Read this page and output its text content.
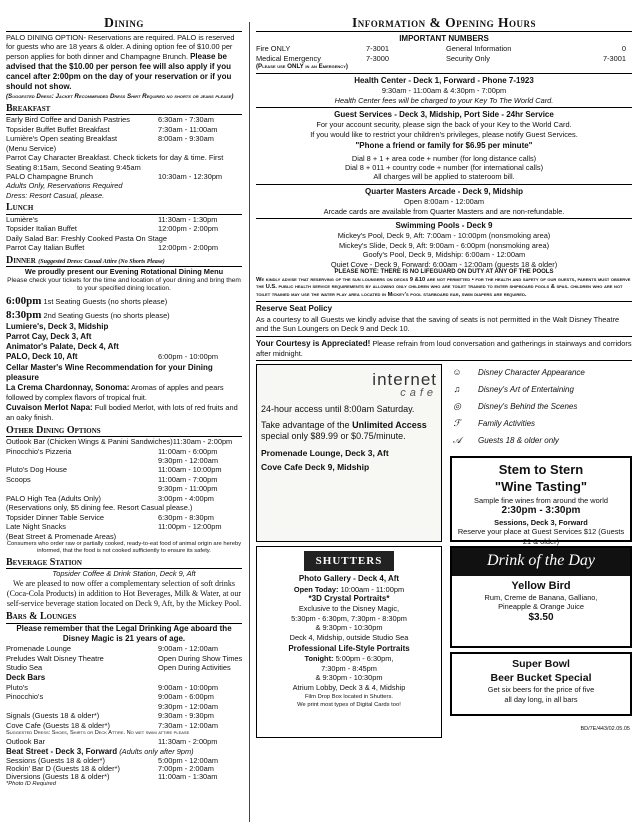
Dining
PALO DINING OPTION- Reservations are required. PALO is reserved for guests who are 18 years & older. A dining option fee of $10.00 per person applies for both dinner and Champagne Brunch. Please be advised that the $10.00 per person fee will also apply if you cancel after 2:00pm on the day of your reservation or if you should not show.
(Suggested Dress: Jacket Recommended Dress Shirt Required no shorts or jeans please)
Breakfast
Early Bird Coffee and Danish Pastries	6:30am - 7:30am
Topsider Buffet Buffet Breakfast	7:30am - 11:00am
Lumière's Open seating Breakfast	8:00am - 9:30am
(Menu Service)
Parrot Cay Character Breakfast. Check tickets for day & time. First Seating 8:15am, Second Seating 9:45am
PALO Champagne Brunch	10:30am - 12:30pm
Adults Only, Reservations Required
Dress: Resort Casual, please.
Lunch
Lumière's	11:30am - 1:30pm
Topsider Italian Buffet	12:00pm - 2:00pm
Daily Salad Bar: Freshly Cooked Pasta On Stage
Parrot Cay Italian Buffet	12:00pm - 2:00pm
Dinner (Suggested Dress: Casual Attire (No Shorts Please)
We proudly present our Evening Rotational Dining Menu
Please check your tickets for the time and location of your dining and bring them to your specified dining location.
6:00pm 1st Seating Guests (no shorts please)
8:30pm 2nd Seating Guests (no shorts please)
Lumiere's, Deck 3, Midship
Parrot Cay, Deck 3, Aft
Animator's Palate, Deck 4, Aft
PALO, Deck 10, Aft	6:00pm - 10:00pm
Cellar Master's Wine Recommendation for your Dining pleasure
La Crema Chardonnay, Sonoma: Aromas of apples and pears followed by complex flavors of tropical fruit.
Cuvaison Merlot Napa: Full bodied Merlot, with lots of red fruits and an oaky finish.
Other Dining Options
Outlook Bar (Chicken Wings & Panini Sandwiches) 11:30am - 2:00pm
Pinocchio's Pizzeria	11:00am - 6:00pm
9:30pm - 12:00am
Pluto's Dog House	11:00am - 10:00pm
Scoops	11:00am - 7:00pm
9:30pm - 11:00pm
PALO High Tea (Adults Only)	3:00pm - 4:00pm
(Reservations only, $5 dining fee. Resort Casual please.)
Topsider Dinner Table Service	6:30pm - 8:30pm
Late Night Snacks	11:00pm - 12:00pm
(Beat Street & Promenade Areas)
Consumers who order raw or partially cooked, ready-to-eat food of animal origin are hereby informed, that the food is not cooked sufficiently to ensure its safety.
Beverage Station
Topsider Coffee & Drink Station, Deck 9, Aft
We are pleased to now offer a complementary selection of soft drinks (Coca-Cola Products) in addition to Hot Beverages, Milk & Water, at our self-service beverage station located on Deck 9, Aft, by the Mickey Pool.
Bars & Lounges
Please remember that the Legal Drinking Age aboard the Disney Magic is 21 years of age.
Promenade Lounge	9:00am - 12:00am
Preludes Walt Disney Theatre	Open During Show Times
Studio Sea	Open During Activities
Deck Bars
Pluto's	9:00am - 10:00pm
Pinocchio's	9:00am - 6:00pm
9:30pm - 12:00am
Signals (Guests 18 & older*)	9:30am - 9:30pm
Cove Cafe (Guests 18 & older*)	7:30am - 12:00am
Suggested Dress: Shoes, Shirts or Deck Attire. No wet swim attire please
Outlook Bar	11:30am - 2:00pm
Beat Street - Deck 3, Forward (Adults only after 9pm)
Sessions (Guests 18 & older*)	5:00pm - 12:00am
Rockin' Bar D (Guests 18 & older*)	7:00pm - 2:00am
Diversions (Guests 18 & older*)	11:00am - 1:30am
*Photo ID Required
Information & Opening Hours
IMPORTANT NUMBERS
Fire ONLY	7-3001	General Information	0
Medical Emergency	7-3000	Security Only	7-3001
(Please use ONLY in an Emergency)
Health Center - Deck 1, Forward - Phone 7-1923
9:30am - 11:00am & 4:30pm - 7:00pm
Health Center fees will be charged to your Key To The World Card.
Guest Services - Deck 3, Midship, Port Side - 24hr Service
For your account security, please sign the back of your Key to the World Card.
If you would like to restrict your children's privileges, please notify Guest Services.
"Phone a friend or family for $6.95 per minute"
Dial 8 + 1 + area code + number (for long distance calls)
Dial 8 + 011 + country code + number (for international calls)
All charges will be applied to stateroom bill.
Quarter Masters Arcade - Deck 9, Midship
Open 8:00am - 12:00am
Arcade cards are available from Quarter Masters and are non-refundable.
Swimming Pools - Deck 9
Mickey's Pool, Deck 9, Aft: 7:00am - 10:00pm (nonsmoking area)
Mickey's Slide, Deck 9, Aft: 9:00am - 6:00pm (nonsmoking area)
Goofy's Pool, Deck 9, Midship: 6:00am - 12:00am
Quiet Cove - Deck 9, Forward: 6:00am - 12:00am (guests 18 & older)
PLEASE NOTE: THERE IS NO LIFEGUARD ON DUTY AT ANY OF THE POOLS
We kindly advise that reserving of the sun loungers on decks 9 &10 are not permitted • for the health and safety of our guests, parents must observe the U.S. public health service requirements by allowing only children who are toilet trained to enter shipboard pools & spas. children who are not toilet trained may use the water play area located in Mickey's pool starboard ear, swim diapers are required.
Reserve Seat Policy
As a courtesy to all Guests we kindly advise that the saving of seats is not permitted in the Walt Disney Theatre and the Sun Loungers on Deck 9 and Deck 10.
Your Courtesy is Appreciated! Please refrain from loud conversation and gatherings in stairways and corridors after midnight.
internet
cafe
24-hour access until 8:00am Saturday.
Take advantage of the Unlimited Access special only $89.99 or $0.75/minute.
Promenade Lounge, Deck 3, Aft
Cove Cafe Deck 9, Midship
☺	Disney Character Appearance
♫	Disney's Art of Entertaining
◎	Disney's Behind the Scenes
ℱ	Family Activities
𝒜	Guests 18 & older only
Stem to Stern
"Wine Tasting"
Sample fine wines from around the world
2:30pm - 3:30pm
Sessions, Deck 3, Forward
Reserve your place at Guest Services $12 (Guests 21 & older)
SHUTTERS
Photo Gallery - Deck 4, Aft
Open Today: 10:00am - 11:00pm
*3D Crystal Portraits*
Exclusive to the Disney Magic,
5:30pm - 6:30pm, 7:30pm - 8:30pm
& 9:30pm - 10:30pm
Deck 4, Midship, outside Studio Sea
Professional Life-Style Portraits
Tonight: 5:00pm - 6:30pm,
7:30pm - 8:45pm
& 9:30pm - 10:30pm
Atrium Lobby, Deck 3 & 4, Midship
Film Drop Box located in Shutters.
We print most types of Digital Cards too!
Drink of the Day
Yellow Bird
Rum, Creme de Banana, Galliano, Pineapple & Orange Juice
$3.50
Super Bowl
Beer Bucket Special
Get six beers for the price of five all day long, in all bars
BD/7E/443/02.05.05
